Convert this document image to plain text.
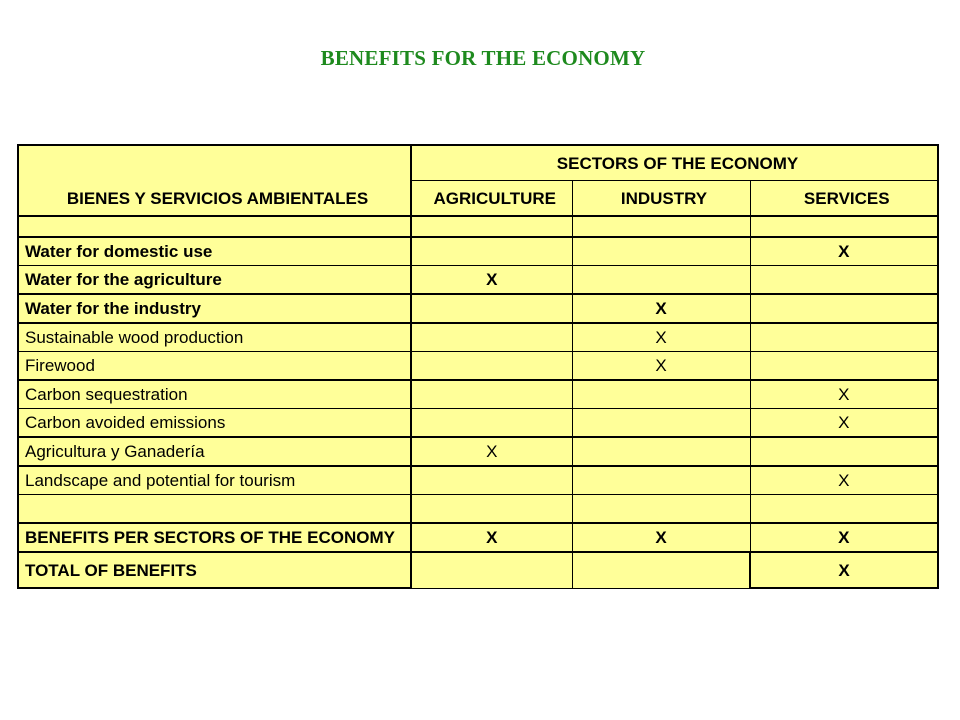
BENEFITS FOR THE ECONOMY
BIENES Y SERVICIOS AMBIENTALES	SECTORS OF THE ECONOMY		
	AGRICULTURE	INDUSTRY	SERVICES

Water for domestic use			X
Water for the agriculture	X		
Water for the industry		X	
Sustainable wood production		X	
Firewood		X	
Carbon sequestration			X
Carbon avoided emissions			X
Agricultura y Ganadería	X		
Landscape and potential for tourism			X

BENEFITS PER SECTORS OF THE ECONOMY	X	X	X
TOTAL OF BENEFITS			X
